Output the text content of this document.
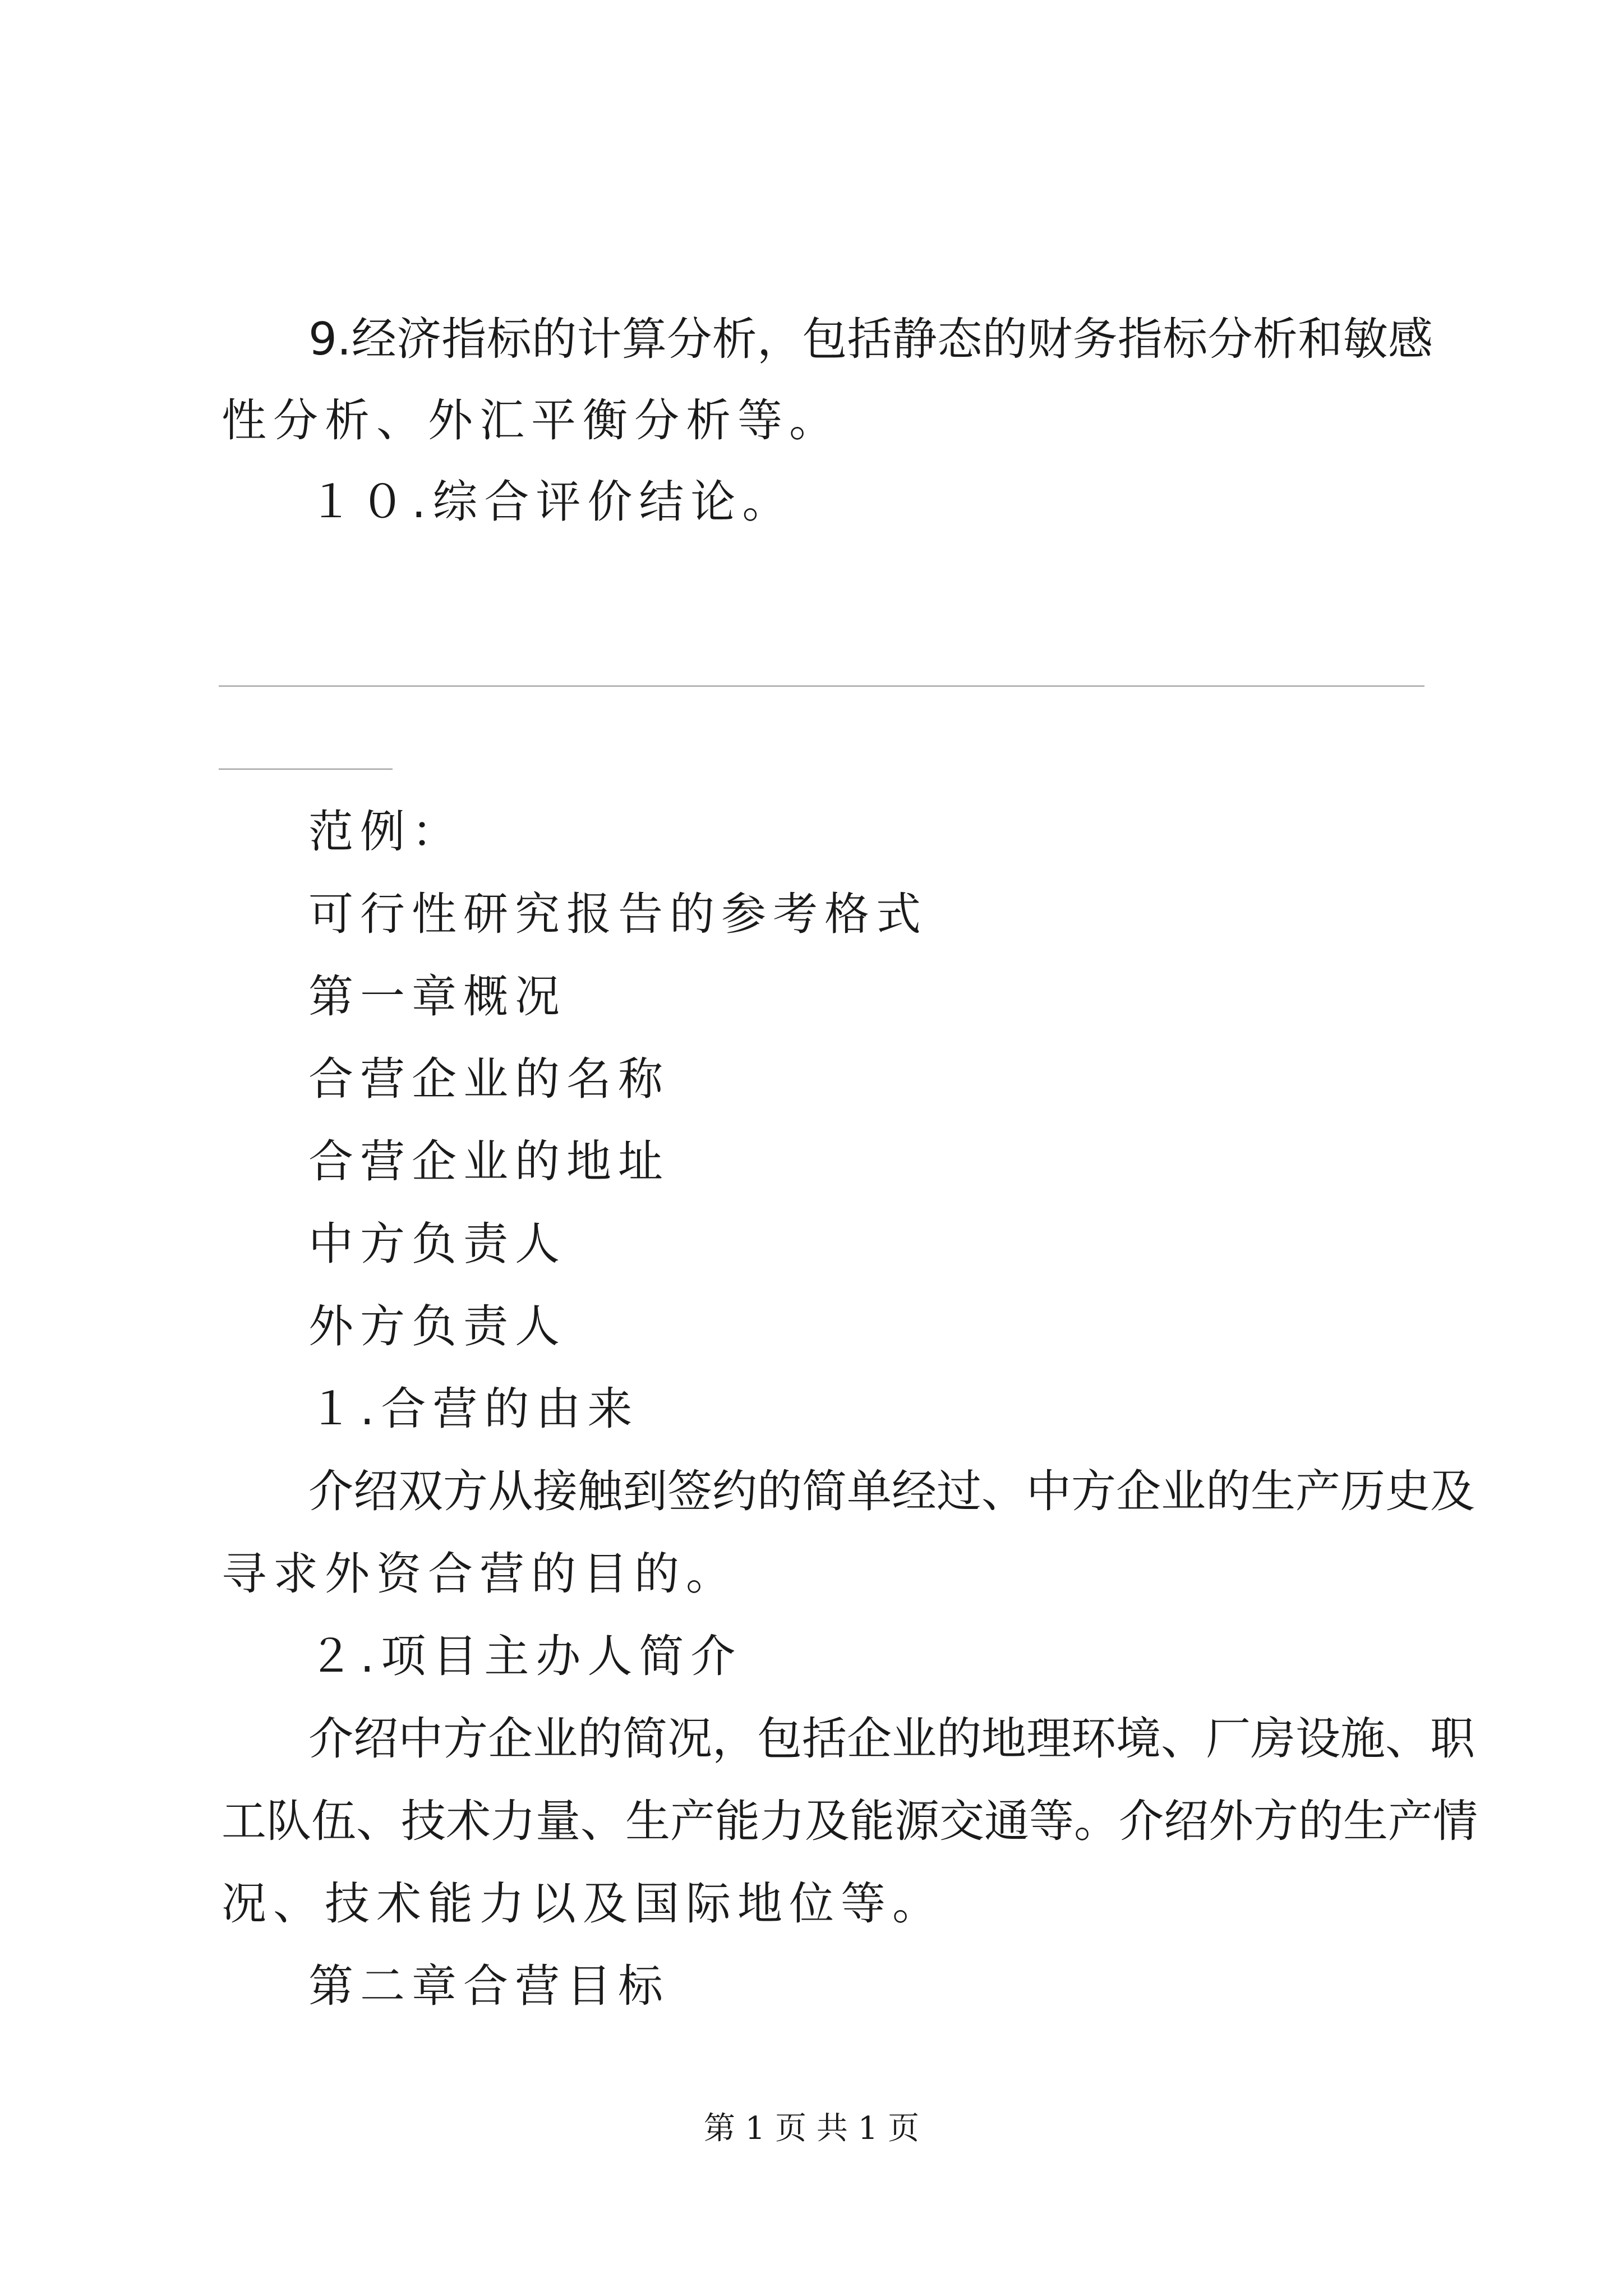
9.经济指标的计算分析，包括静态的财务指标分析和敏感
性分析、外汇平衡分析等。
１０.综合评价结论。
范例：
可行性研究报告的参考格式
第一章概况
合营企业的名称
合营企业的地址
中方负责人
外方负责人
１.合营的由来
介绍双方从接触到签约的简单经过、中方企业的生产历史及
寻求外资合营的目的。
２.项目主办人简介
介绍中方企业的简况，包括企业的地理环境、厂房设施、职
工队伍、技术力量、生产能力及能源交通等。介绍外方的生产情
况、技术能力以及国际地位等。
第二章合营目标
第 1 页 共 1 页
